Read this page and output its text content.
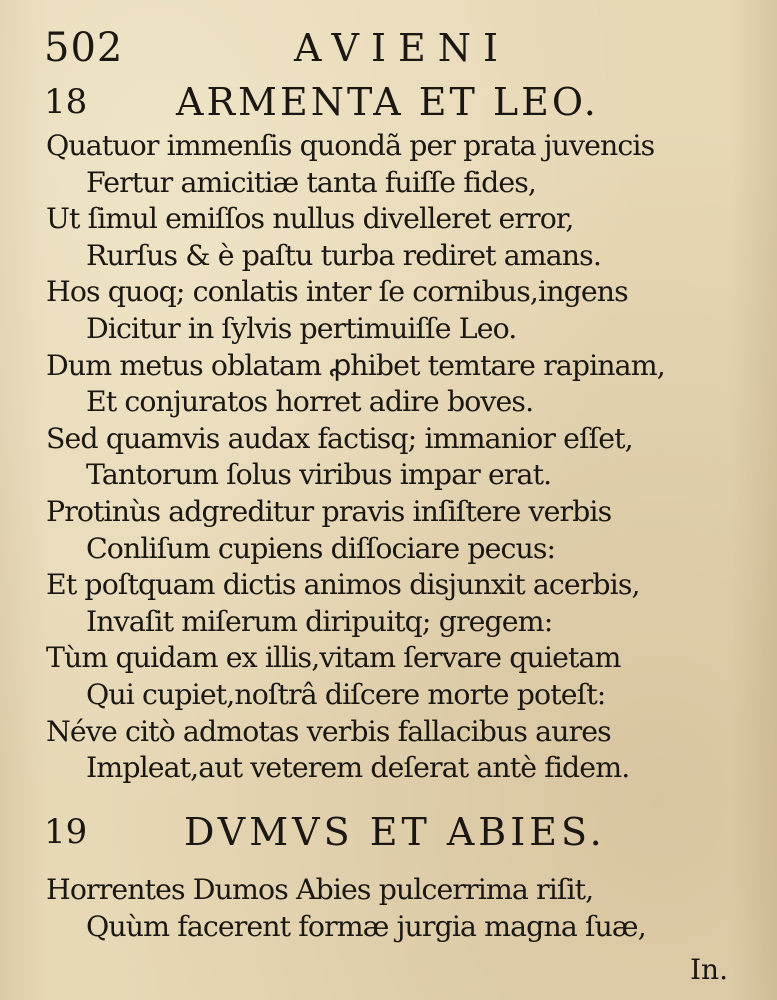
502	AVIENI
18 ARMENTA ET LEO.
Quatuor immenſis quondã per prata juvencis
Fertur amicitiæ tanta fuiſſe fides,
Ut ſimul emiſſos nullus divelleret error,
Rurſus & è paſtu turba rediret amans.
Hos quoq; conlatis inter ſe cornibus,ingens
Dicitur in ſylvis pertimuiſſe Leo.
Dum metus oblatam ꝓhibet temtare rapinam,
Et conjuratos horret adire boves.
Sed quamvis audax factisq; immanior eſſet,
Tantorum ſolus viribus impar erat.
Protinùs adgreditur pravis inſiſtere verbis
Conliſum cupiens diſſociare pecus:
Et poſtquam dictis animos disjunxit acerbis,
Invaſit miſerum diripuitq; gregem:
Tùm quidam ex illis,vitam ſervare quietam
Qui cupiet,noſtrâ diſcere morte poteſt:
Néve citò admotas verbis fallacibus aures
Impleat,aut veterem deſerat antè fidem.
19	DVMVS ET ABIES.
Horrentes Dumos Abies pulcerrima riſit,
Quùm facerent formæ jurgia magna ſuæ,
In.
